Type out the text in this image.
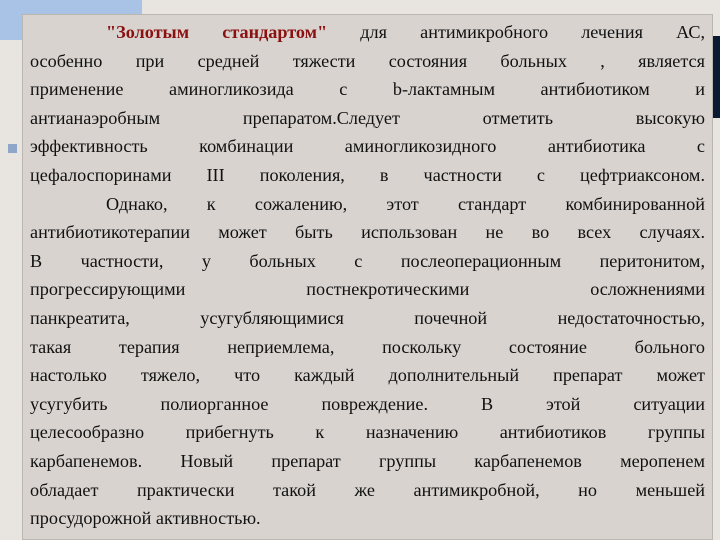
"Золотым стандартом" для антимикробного лечения АС,
особенно при средней тяжести состояния больных , является
применение аминогликозида с b-лактамным антибиотиком и
антианаэробным препаратом.Следует отметить высокую
эффективность комбинации аминогликозидного антибиотика с
цефалоспоринами III поколения, в частности с цефтриаксоном.
Однако, к сожалению, этот стандарт комбинированной
антибиотикотерапии может быть использован не во всех случаях.
В частности, у больных с послеоперационным перитонитом,
прогрессирующими постнекротическими осложнениями
панкреатита, усугубляющимися почечной недостаточностью,
такая терапия неприемлема, поскольку состояние больного
настолько тяжело, что каждый дополнительный препарат может
усугубить полиорганное повреждение. В этой ситуации
целесообразно прибегнуть к назначению антибиотиков группы
карбапенемов. Новый препарат группы карбапенемов меропенем
обладает практически такой же антимикробной, но меньшей
просудорожной активностью.
